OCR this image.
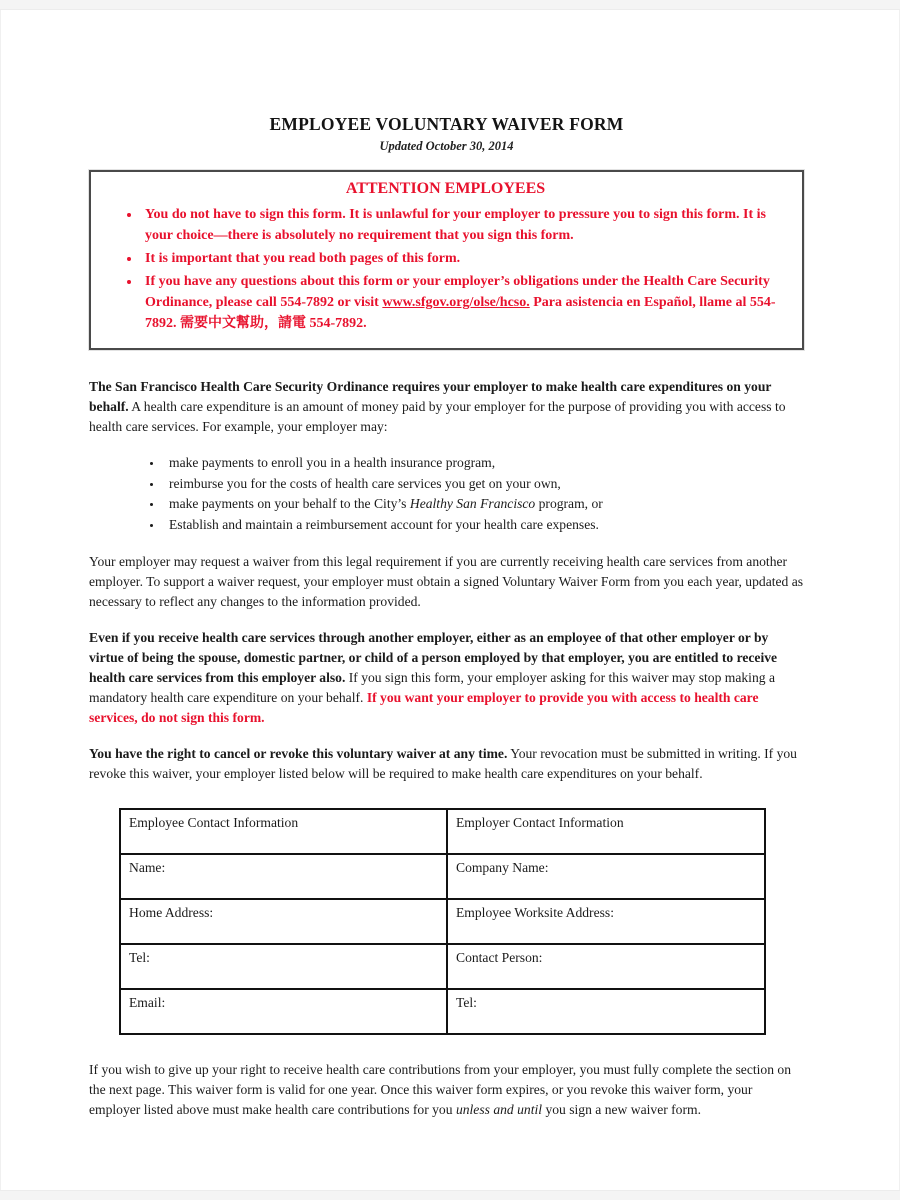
EMPLOYEE VOLUNTARY WAIVER FORM
Updated October 30, 2014
ATTENTION EMPLOYEES
• You do not have to sign this form. It is unlawful for your employer to pressure you to sign this form. It is your choice—there is absolutely no requirement that you sign this form.
• It is important that you read both pages of this form.
• If you have any questions about this form or your employer’s obligations under the Health Care Security Ordinance, please call 554-7892 or visit www.sfgov.org/olse/hcso. Para asistencia en Español, llame al 554-7892. 需要中文幫助，請電 554-7892.

The San Francisco Health Care Security Ordinance requires your employer to make health care expenditures on your behalf. A health care expenditure is an amount of money paid by your employer for the purpose of providing you with access to health care services. For example, your employer may:

• make payments to enroll you in a health insurance program,
• reimburse you for the costs of health care services you get on your own,
• make payments on your behalf to the City’s Healthy San Francisco program, or
• Establish and maintain a reimbursement account for your health care expenses.

Your employer may request a waiver from this legal requirement if you are currently receiving health care services from another employer. To support a waiver request, your employer must obtain a signed Voluntary Waiver Form from you each year, updated as necessary to reflect any changes to the information provided.

Even if you receive health care services through another employer, either as an employee of that other employer or by virtue of being the spouse, domestic partner, or child of a person employed by that employer, you are entitled to receive health care services from this employer also. If you sign this form, your employer asking for this waiver may stop making a mandatory health care expenditure on your behalf. If you want your employer to provide you with access to health care services, do not sign this form.

You have the right to cancel or revoke this voluntary waiver at any time. Your revocation must be submitted in writing. If you revoke this waiver, your employer listed below will be required to make health care expenditures on your behalf.

Employee Contact Information	Employer Contact Information
Name:	Company Name:
Home Address:	Employee Worksite Address:
Tel:	Contact Person:
Email:	Tel:

If you wish to give up your right to receive health care contributions from your employer, you must fully complete the section on the next page. This waiver form is valid for one year. Once this waiver form expires, or you revoke this waiver form, your employer listed above must make health care contributions for you unless and until you sign a new waiver form.
